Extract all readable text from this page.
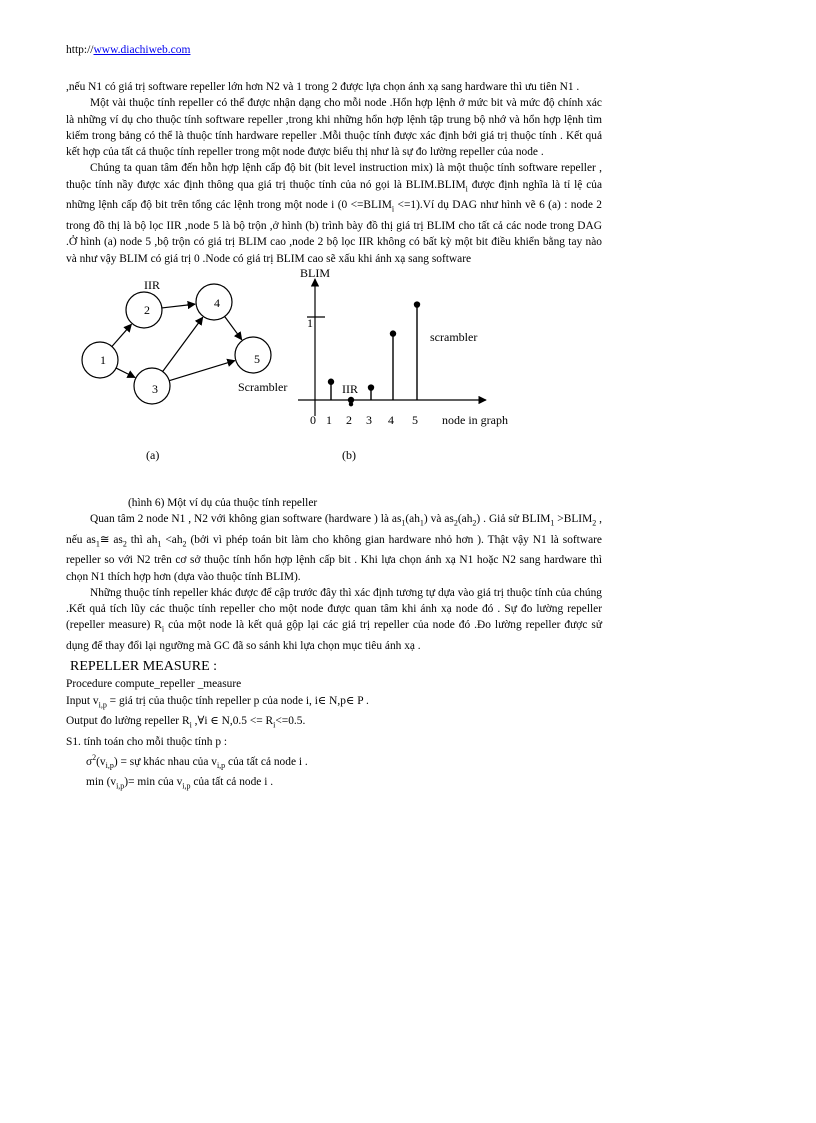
http://www.diachiweb.com

,nếu N1 có giá trị software repeller lớn hơn N2 và 1 trong 2 được lựa chọn ánh xạ sang hardware thì ưu tiên N1 .

Một vài thuộc tính repeller có thể được nhận dạng cho mỗi node .Hổn hợp lệnh ở mức bit và mức độ chính xác là những ví dụ cho thuộc tính software repeller ,trong khi những hổn hợp lệnh tập trung bộ nhớ và hổn hợp lệnh tìm kiếm trong bảng có thể là thuộc tính hardware repeller .Mỗi thuộc tính được xác định bởi giá trị thuộc tính . Kết quả kết hợp của tất cả thuộc tính repeller trong một node được biểu thị như là sự đo lường repeller của node .

Chúng ta quan tâm đến hỗn hợp lệnh cấp độ bit (bit level instruction mix) là một thuộc tính software repeller , thuộc tính nầy được xác định thông qua giá trị thuộc tính của nó gọi là $BLIM.BLIM_i$ được định nghĩa là tỉ lệ của những lệnh cấp độ bit trên tổng các lệnh trong một node i ($0 <=BLIM_i$ <=1).Ví dụ DAG như hình vẽ 6 (a) : node 2 trong đồ thị là bộ lọc IIR ,node 5 là bộ trộn ,ở hình (b) trình bày đồ thị giá trị BLIM cho tất cả các node trong DAG .Ở hình (a) node 5 ,bộ trộn có giá trị BLIM cao ,node 2 bộ lọc IIR không có bất kỳ một bit điều khiển bằng tay nào và như vậy BLIM có giá trị 0 .Node có giá trị BLIM cao sẽ xấu khi ánh xạ sang software

1
2
3
4
5
IIR
Scrambler
(a)
BLIM
1
0 1 2 3 4 5 node in graph
IIR
scrambler
(b)

(hình 6) Một ví dụ của thuộc tính repeller

Quan tâm 2 node N1 , N2 với không gian software (hardware ) là $as_1(ah_1)$ và $as_2(ah_2)$ . Giả sử $BLIM_1$ $>BLIM_2$ , nếu $as_1≅$ $as_2$ thì $ah_1 <ah_2$ (bởi vì phép toán bit làm cho không gian hardware nhỏ hơn ). Thật vậy N1 là software repeller so với N2 trên cơ sở thuộc tính hổn hợp lệnh cấp bit . Khi lựa chọn ánh xạ N1 hoặc N2 sang hardware thì chọn N1 thích hợp hơn (dựa vào thuộc tính BLIM).

Những thuộc tính repeller khác được để cập trước đây thì xác định tương tự dựa vào giá trị thuộc tính của chúng .Kết quả tích lũy các thuộc tính repeller cho một node được quan tâm khi ánh xạ node đó . Sự đo lường repeller (repeller measure) $R_i$ của một node là kết quả gộp lại các giá trị repeller của node đó .Đo lường repeller được sử dụng để thay đổi lại ngưỡng mà GC đã so sánh khi lựa chọn mục tiêu ánh xạ .

REPELLER MEASURE :
Procedure compute_repeller _measure
Input $v_{i,p}$ = giá trị của thuộc tính repeller p của node i, i∈ N,p∈ P .
Output đo lường repeller $R_i$ ,∀i ∈ $N,0.5 <= R_i<=0.5$.
S1. tính toán cho mỗi thuộc tính p :
$\sigma^2(v_{i,p})$ = sự khác nhau của $v_{i,p}$ của tất cả node i .
$\min (v_{i,p})= \min$ của $v_{i,p}$ của tất cả node i .
